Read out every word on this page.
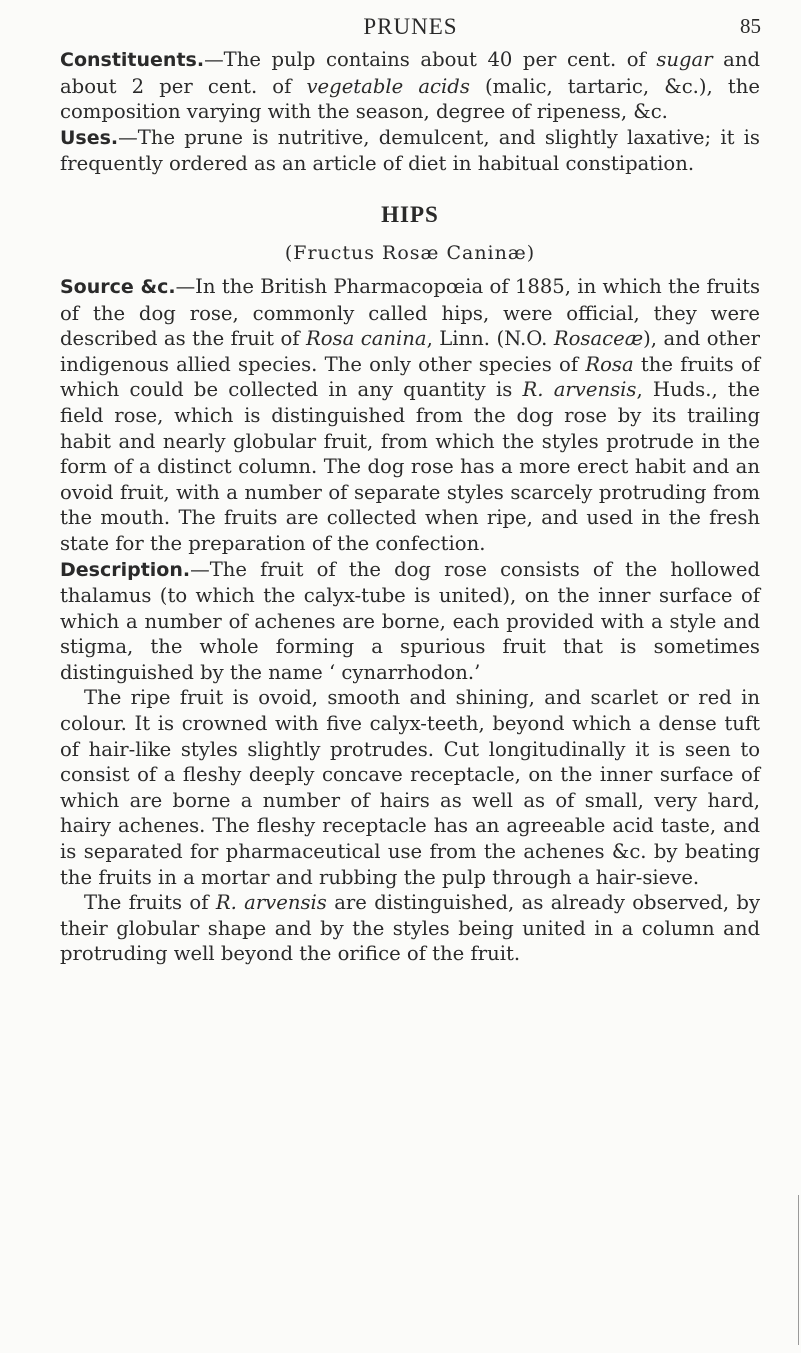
PRUNES	85

Constituents.—The pulp contains about 40 per cent. of sugar and about 2 per cent. of vegetable acids (malic, tartaric, &c.), the composition varying with the season, degree of ripeness, &c.

Uses.—The prune is nutritive, demulcent, and slightly laxative; it is frequently ordered as an article of diet in habitual constipation.

HIPS
(Fructus Rosæ Caninæ)

Source &c.—In the British Pharmacopœia of 1885, in which the fruits of the dog rose, commonly called hips, were official, they were described as the fruit of Rosa canina, Linn. (N.O. Rosaceæ), and other indigenous allied species. The only other species of Rosa the fruits of which could be collected in any quantity is R. arvensis, Huds., the field rose, which is distinguished from the dog rose by its trailing habit and nearly globular fruit, from which the styles protrude in the form of a distinct column. The dog rose has a more erect habit and an ovoid fruit, with a number of separate styles scarcely protruding from the mouth. The fruits are collected when ripe, and used in the fresh state for the preparation of the confection.

Description.—The fruit of the dog rose consists of the hollowed thalamus (to which the calyx-tube is united), on the inner surface of which a number of achenes are borne, each provided with a style and stigma, the whole forming a spurious fruit that is sometimes distinguished by the name ‘ cynarrhodon.’

The ripe fruit is ovoid, smooth and shining, and scarlet or red in colour. It is crowned with five calyx-teeth, beyond which a dense tuft of hair-like styles slightly protrudes. Cut longitudinally it is seen to consist of a fleshy deeply concave receptacle, on the inner surface of which are borne a number of hairs as well as of small, very hard, hairy achenes. The fleshy receptacle has an agreeable acid taste, and is separated for pharmaceutical use from the achenes &c. by beating the fruits in a mortar and rubbing the pulp through a hair-sieve.

The fruits of R. arvensis are distinguished, as already observed, by their globular shape and by the styles being united in a column and protruding well beyond the orifice of the fruit.
